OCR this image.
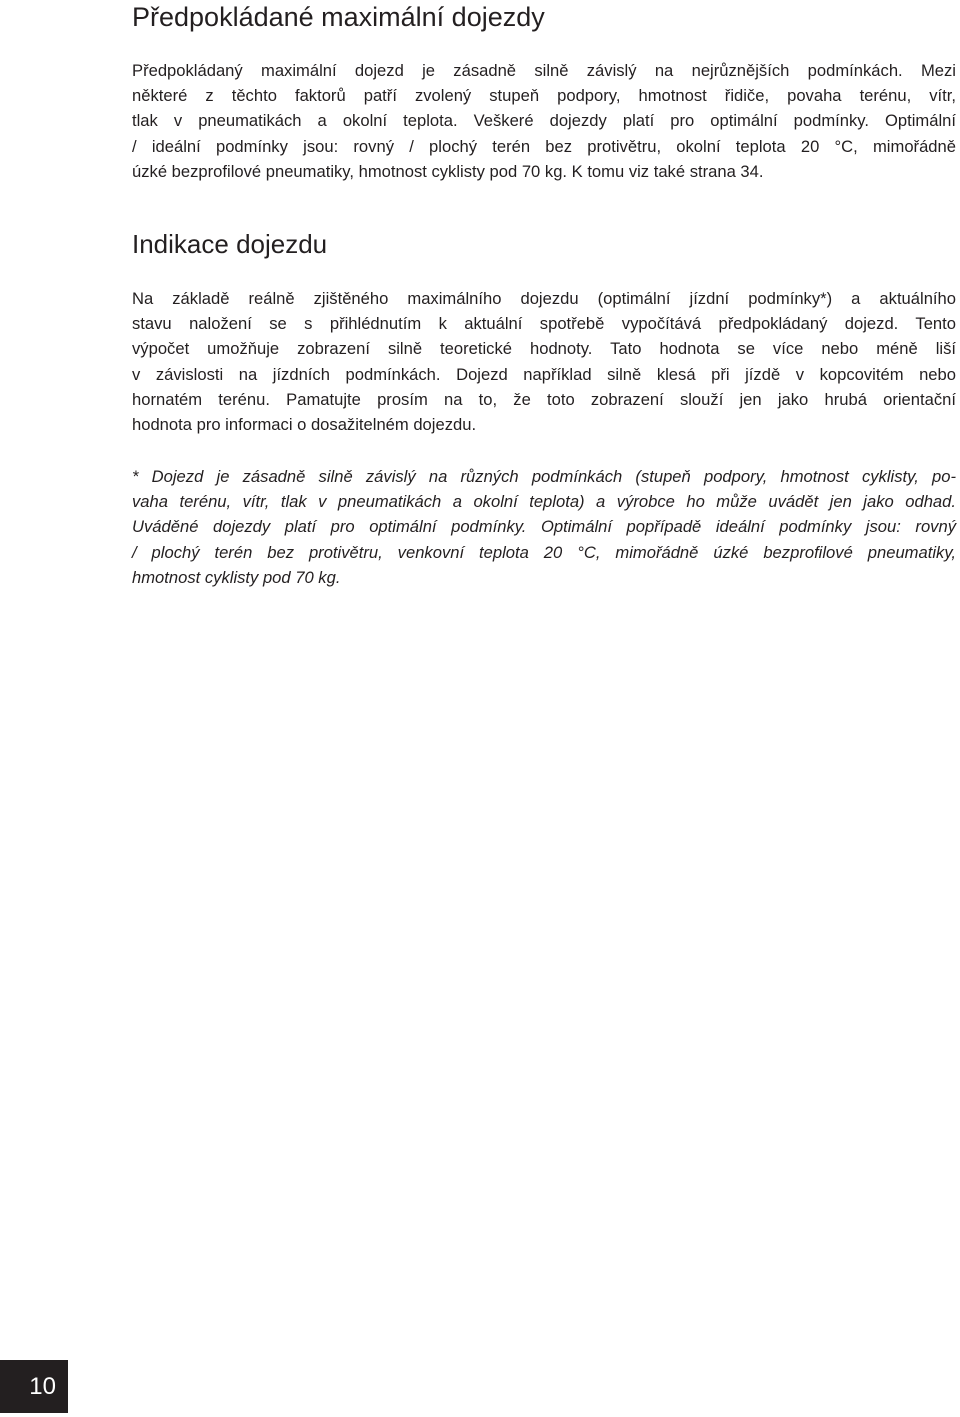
Předpokládané maximální dojezdy
Předpokládaný maximální dojezd je zásadně silně závislý na nejrůznějších podmínkách. Mezi
některé z těchto faktorů patří zvolený stupeň podpory, hmotnost řidiče, povaha terénu, vítr,
tlak v pneumatikách a okolní teplota. Veškeré dojezdy platí pro optimální podmínky. Optimální
/ ideální podmínky jsou: rovný / plochý terén bez protivětru, okolní teplota 20 °C, mimořádně
úzké bezprofilové pneumatiky, hmotnost cyklisty pod 70 kg. K tomu viz také strana 34.
Indikace dojezdu
Na základě reálně zjištěného maximálního dojezdu (optimální jízdní podmínky*) a aktuálního
stavu naložení se s přihlédnutím k aktuální spotřebě vypočítává předpokládaný dojezd. Tento
výpočet umožňuje zobrazení silně teoretické hodnoty. Tato hodnota se více nebo méně liší
v závislosti na jízdních podmínkách. Dojezd například silně klesá při jízdě v kopcovitém nebo
hornatém terénu. Pamatujte prosím na to, že toto zobrazení slouží jen jako hrubá orientační
hodnota pro informaci o dosažitelném dojezdu.
* Dojezd je zásadně silně závislý na různých podmínkách (stupeň podpory, hmotnost cyklisty, po-
vaha terénu, vítr, tlak v pneumatikách a okolní teplota) a výrobce ho může uvádět jen jako odhad.
Uváděné dojezdy platí pro optimální podmínky. Optimální popřípadě ideální podmínky jsou: rovný
/ plochý terén bez protivětru, venkovní teplota 20 °C, mimořádně úzké bezprofilové pneumatiky,
hmotnost cyklisty pod 70 kg.
10
